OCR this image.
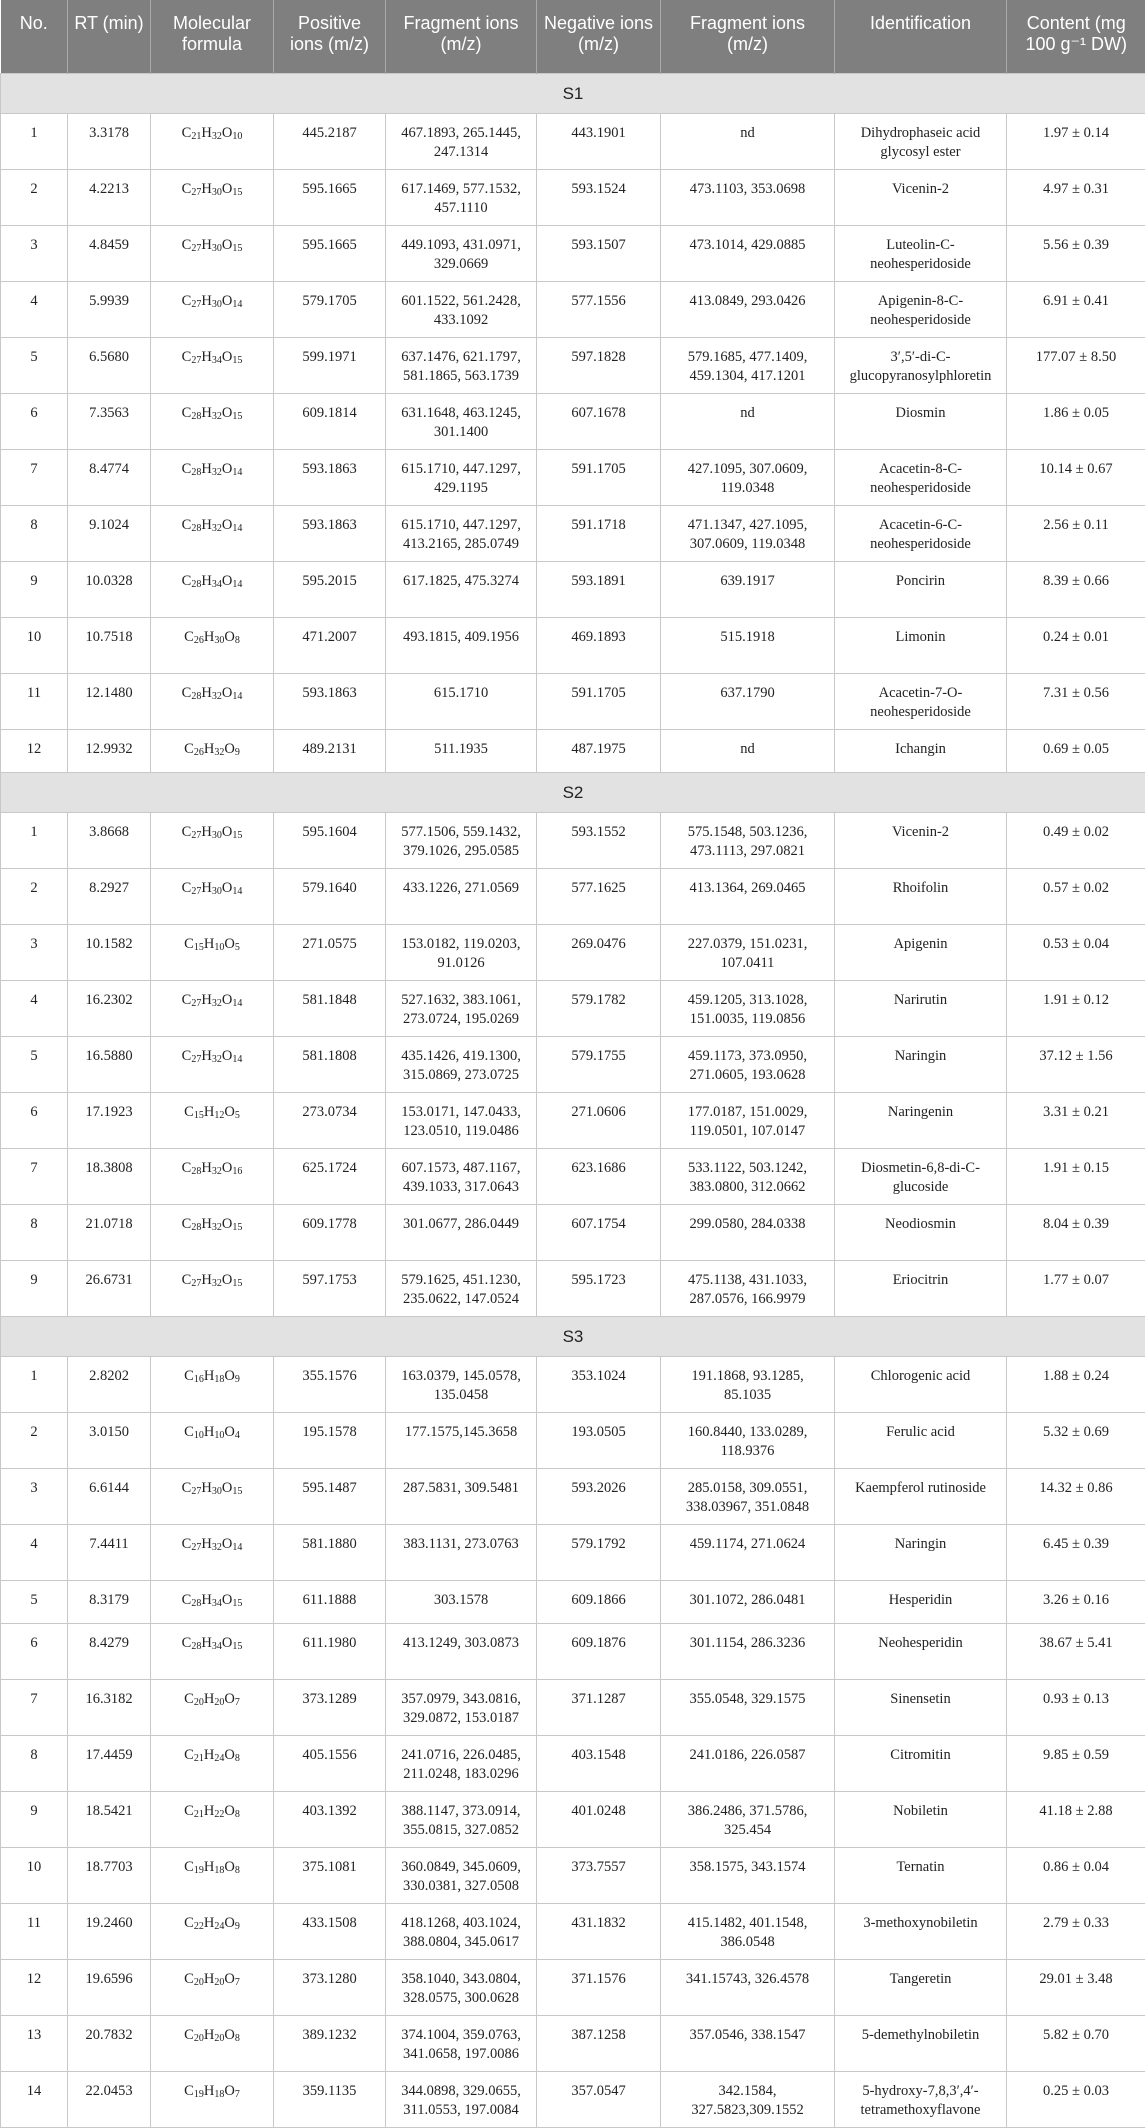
No.	RT (min)	Molecular formula	Positive ions (m/z)	Fragment ions (m/z)	Negative ions (m/z)	Fragment ions (m/z)	Identification	Content (mg 100 g⁻¹ DW)
S1								
1	3.3178	$C_{21}H_{32}O_{10}$	445.2187	467.1893, 265.1445, 247.1314	443.1901	nd	Dihydrophaseic acid glycosyl ester	1.97 ± 0.14
2	4.2213	$C_{27}H_{30}O_{15}$	595.1665	617.1469, 577.1532, 457.1110	593.1524	473.1103, 353.0698	Vicenin-2	4.97 ± 0.31
3	4.8459	$C_{27}H_{30}O_{15}$	595.1665	449.1093, 431.0971, 329.0669	593.1507	473.1014, 429.0885	Luteolin-C-neohesperidoside	5.56 ± 0.39
4	5.9939	$C_{27}H_{30}O_{14}$	579.1705	601.1522, 561.2428, 433.1092	577.1556	413.0849, 293.0426	Apigenin-8-C-neohesperidoside	6.91 ± 0.41
5	6.5680	$C_{27}H_{34}O_{15}$	599.1971	637.1476, 621.1797, 581.1865, 563.1739	597.1828	579.1685, 477.1409, 459.1304, 417.1201	3′,5′-di-C-glucopyranosylphloretin	177.07 ± 8.50
6	7.3563	$C_{28}H_{32}O_{15}$	609.1814	631.1648, 463.1245, 301.1400	607.1678	nd	Diosmin	1.86 ± 0.05
7	8.4774	$C_{28}H_{32}O_{14}$	593.1863	615.1710, 447.1297, 429.1195	591.1705	427.1095, 307.0609, 119.0348	Acacetin-8-C-neohesperidoside	10.14 ± 0.67
8	9.1024	$C_{28}H_{32}O_{14}$	593.1863	615.1710, 447.1297, 413.2165, 285.0749	591.1718	471.1347, 427.1095, 307.0609, 119.0348	Acacetin-6-C-neohesperidoside	2.56 ± 0.11
9	10.0328	$C_{28}H_{34}O_{14}$	595.2015	617.1825, 475.3274	593.1891	639.1917	Poncirin	8.39 ± 0.66
10	10.7518	$C_{26}H_{30}O_8$	471.2007	493.1815, 409.1956	469.1893	515.1918	Limonin	0.24 ± 0.01
11	12.1480	$C_{28}H_{32}O_{14}$	593.1863	615.1710	591.1705	637.1790	Acacetin-7-O-neohesperidoside	7.31 ± 0.56
12	12.9932	$C_{26}H_{32}O_9$	489.2131	511.1935	487.1975	nd	Ichangin	0.69 ± 0.05
S2								
1	3.8668	$C_{27}H_{30}O_{15}$	595.1604	577.1506, 559.1432, 379.1026, 295.0585	593.1552	575.1548, 503.1236, 473.1113, 297.0821	Vicenin-2	0.49 ± 0.02
2	8.2927	$C_{27}H_{30}O_{14}$	579.1640	433.1226, 271.0569	577.1625	413.1364, 269.0465	Rhoifolin	0.57 ± 0.02
3	10.1582	$C_{15}H_{10}O_5$	271.0575	153.0182, 119.0203, 91.0126	269.0476	227.0379, 151.0231, 107.0411	Apigenin	0.53 ± 0.04
4	16.2302	$C_{27}H_{32}O_{14}$	581.1848	527.1632, 383.1061, 273.0724, 195.0269	579.1782	459.1205, 313.1028, 151.0035, 119.0856	Narirutin	1.91 ± 0.12
5	16.5880	$C_{27}H_{32}O_{14}$	581.1808	435.1426, 419.1300, 315.0869, 273.0725	579.1755	459.1173, 373.0950, 271.0605, 193.0628	Naringin	37.12 ± 1.56
6	17.1923	$C_{15}H_{12}O_5$	273.0734	153.0171, 147.0433, 123.0510, 119.0486	271.0606	177.0187, 151.0029, 119.0501, 107.0147	Naringenin	3.31 ± 0.21
7	18.3808	$C_{28}H_{32}O_{16}$	625.1724	607.1573, 487.1167, 439.1033, 317.0643	623.1686	533.1122, 503.1242, 383.0800, 312.0662	Diosmetin-6,8-di-C-glucoside	1.91 ± 0.15
8	21.0718	$C_{28}H_{32}O_{15}$	609.1778	301.0677, 286.0449	607.1754	299.0580, 284.0338	Neodiosmin	8.04 ± 0.39
9	26.6731	$C_{27}H_{32}O_{15}$	597.1753	579.1625, 451.1230, 235.0622, 147.0524	595.1723	475.1138, 431.1033, 287.0576, 166.9979	Eriocitrin	1.77 ± 0.07
S3								
1	2.8202	$C_{16}H_{18}O_9$	355.1576	163.0379, 145.0578, 135.0458	353.1024	191.1868, 93.1285, 85.1035	Chlorogenic acid	1.88 ± 0.24
2	3.0150	$C_{10}H_{10}O_4$	195.1578	177.1575,145.3658	193.0505	160.8440, 133.0289, 118.9376	Ferulic acid	5.32 ± 0.69
3	6.6144	$C_{27}H_{30}O_{15}$	595.1487	287.5831, 309.5481	593.2026	285.0158, 309.0551, 338.03967, 351.0848	Kaempferol rutinoside	14.32 ± 0.86
4	7.4411	$C_{27}H_{32}O_{14}$	581.1880	383.1131, 273.0763	579.1792	459.1174, 271.0624	Naringin	6.45 ± 0.39
5	8.3179	$C_{28}H_{34}O_{15}$	611.1888	303.1578	609.1866	301.1072, 286.0481	Hesperidin	3.26 ± 0.16
6	8.4279	$C_{28}H_{34}O_{15}$	611.1980	413.1249, 303.0873	609.1876	301.1154, 286.3236	Neohesperidin	38.67 ± 5.41
7	16.3182	$C_{20}H_{20}O_7$	373.1289	357.0979, 343.0816, 329.0872, 153.0187	371.1287	355.0548, 329.1575	Sinensetin	0.93 ± 0.13
8	17.4459	$C_{21}H_{24}O_8$	405.1556	241.0716, 226.0485, 211.0248, 183.0296	403.1548	241.0186, 226.0587	Citromitin	9.85 ± 0.59
9	18.5421	$C_{21}H_{22}O_8$	403.1392	388.1147, 373.0914, 355.0815, 327.0852	401.0248	386.2486, 371.5786, 325.454	Nobiletin	41.18 ± 2.88
10	18.7703	$C_{19}H_{18}O_8$	375.1081	360.0849, 345.0609, 330.0381, 327.0508	373.7557	358.1575, 343.1574	Ternatin	0.86 ± 0.04
11	19.2460	$C_{22}H_{24}O_9$	433.1508	418.1268, 403.1024, 388.0804, 345.0617	431.1832	415.1482, 401.1548, 386.0548	3-methoxynobiletin	2.79 ± 0.33
12	19.6596	$C_{20}H_{20}O_7$	373.1280	358.1040, 343.0804, 328.0575, 300.0628	371.1576	341.15743, 326.4578	Tangeretin	29.01 ± 3.48
13	20.7832	$C_{20}H_{20}O_8$	389.1232	374.1004, 359.0763, 341.0658, 197.0086	387.1258	357.0546, 338.1547	5-demethylnobiletin	5.82 ± 0.70
14	22.0453	$C_{19}H_{18}O_7$	359.1135	344.0898, 329.0655, 311.0553, 197.0084	357.0547	342.1584, 327.5823,309.1552	5-hydroxy-7,8,3′,4′-tetramethoxyflavone	0.25 ± 0.03
